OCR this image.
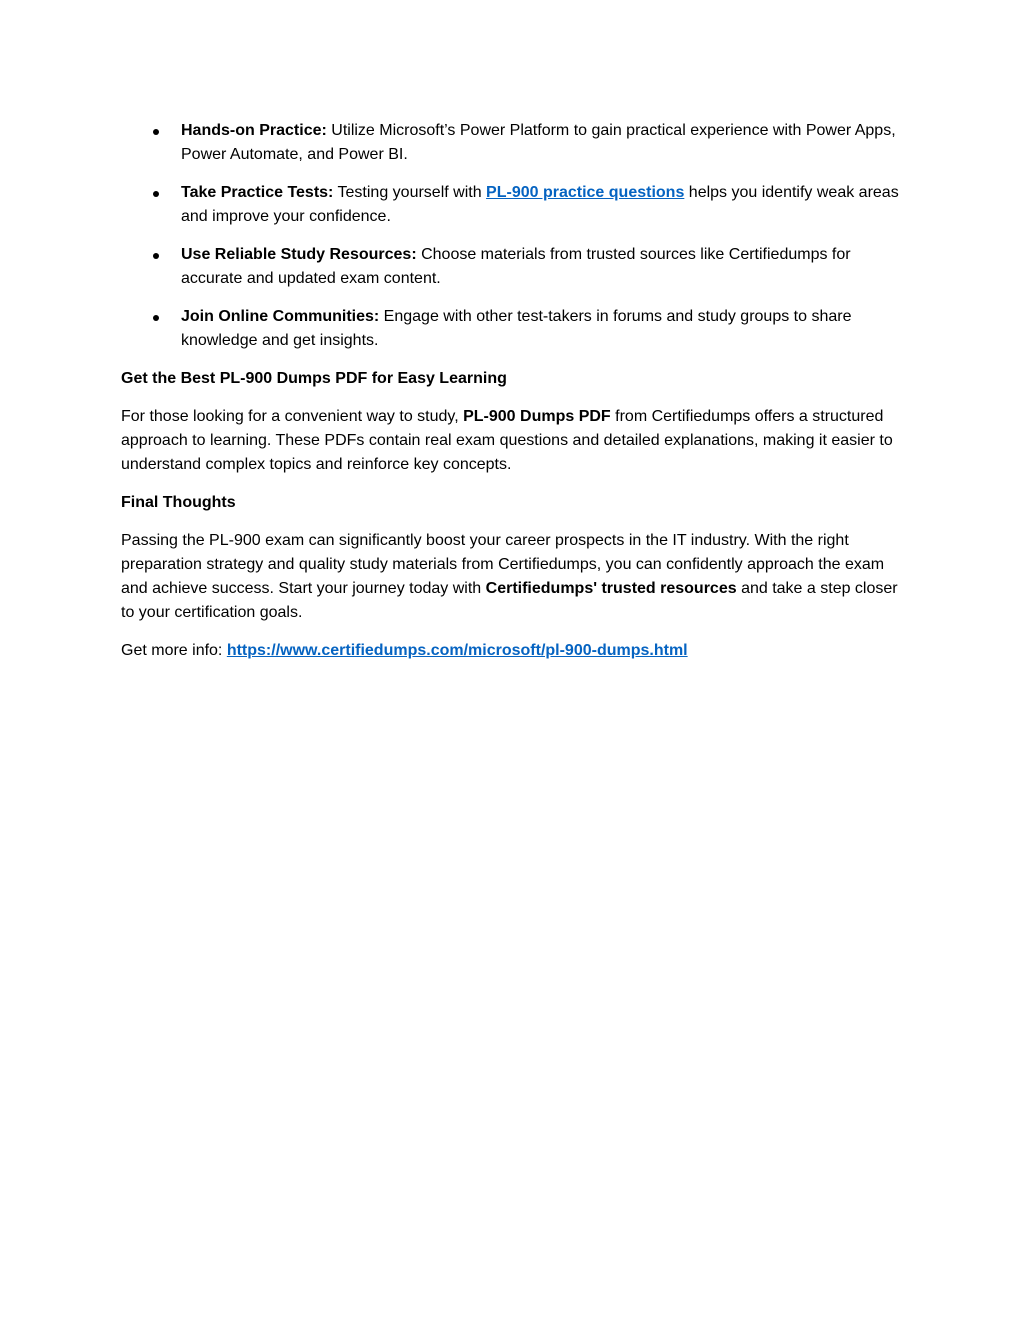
Hands-on Practice: Utilize Microsoft’s Power Platform to gain practical experience with Power Apps, Power Automate, and Power BI.
Take Practice Tests: Testing yourself with PL-900 practice questions helps you identify weak areas and improve your confidence.
Use Reliable Study Resources: Choose materials from trusted sources like Certifiedumps for accurate and updated exam content.
Join Online Communities: Engage with other test-takers in forums and study groups to share knowledge and get insights.

Get the Best PL-900 Dumps PDF for Easy Learning

For those looking for a convenient way to study, PL-900 Dumps PDF from Certifiedumps offers a structured approach to learning. These PDFs contain real exam questions and detailed explanations, making it easier to understand complex topics and reinforce key concepts.

Final Thoughts

Passing the PL-900 exam can significantly boost your career prospects in the IT industry. With the right preparation strategy and quality study materials from Certifiedumps, you can confidently approach the exam and achieve success. Start your journey today with Certifiedumps' trusted resources and take a step closer to your certification goals.

Get more info: https://www.certifiedumps.com/microsoft/pl-900-dumps.html
